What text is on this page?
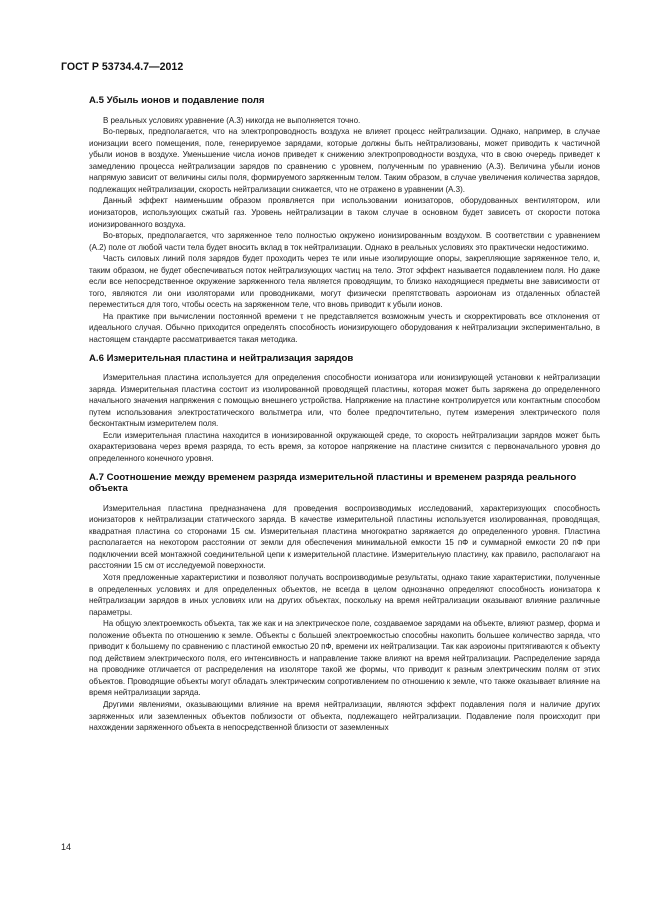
ГОСТ Р 53734.4.7—2012
А.5 Убыль ионов и подавление поля

В реальных условиях уравнение (А.3) никогда не выполняется точно.

Во-первых, предполагается, что на электропроводность воздуха не влияет процесс нейтрализации. Однако, например, в случае ионизации всего помещения, поле, генерируемое зарядами, которые должны быть нейтрализованы, может приводить к частичной убыли ионов в воздухе. Уменьшение числа ионов приведет к снижению электропроводности воздуха, что в свою очередь приведет к замедлению процесса нейтрализации зарядов по сравнению с уровнем, полученным по уравнению (А.3). Величина убыли ионов напрямую зависит от величины силы поля, формируемого заряженным телом. Таким образом, в случае увеличения количества зарядов, подлежащих нейтрализации, скорость нейтрализации снижается, что не отражено в уравнении (А.3).

Данный эффект наименьшим образом проявляется при использовании ионизаторов, оборудованных вентилятором, или ионизаторов, использующих сжатый газ. Уровень нейтрализации в таком случае в основном будет зависеть от скорости потока ионизированного воздуха.

Во-вторых, предполагается, что заряженное тело полностью окружено ионизированным воздухом. В соответствии с уравнением (А.2) поле от любой части тела будет вносить вклад в ток нейтрализации. Однако в реальных условиях это практически недостижимо.

Часть силовых линий поля зарядов будет проходить через те или иные изолирующие опоры, закрепляющие заряженное тело, и, таким образом, не будет обеспечиваться поток нейтрализующих частиц на тело. Этот эффект называется подавлением поля. Но даже если все непосредственное окружение заряженного тела является проводящим, то близко находящиеся предметы вне зависимости от того, являются ли они изоляторами или проводниками, могут физически препятствовать аэроионам из отдаленных областей переместиться для того, чтобы осесть на заряженном теле, что вновь приводит к убыли ионов.

На практике при вычислении постоянной времени τ не представляется возможным учесть и скорректировать все отклонения от идеального случая. Обычно приходится определять способность ионизирующего оборудования к нейтрализации экспериментально, в настоящем стандарте рассматривается такая методика.

А.6 Измерительная пластина и нейтрализация зарядов

Измерительная пластина используется для определения способности ионизатора или ионизирующей установки к нейтрализации заряда. Измерительная пластина состоит из изолированной проводящей пластины, которая может быть заряжена до определенного начального значения напряжения с помощью внешнего устройства. Напряжение на пластине контролируется или контактным способом путем использования электростатического вольтметра или, что более предпочтительно, путем измерения электрического поля бесконтактным измерителем поля.

Если измерительная пластина находится в ионизированной окружающей среде, то скорость нейтрализации зарядов может быть охарактеризована через время разряда, то есть время, за которое напряжение на пластине снизится с первоначального уровня до определенного конечного уровня.

А.7 Соотношение между временем разряда измерительной пластины и временем разряда реального объекта

Измерительная пластина предназначена для проведения воспроизводимых исследований, характеризующих способность ионизаторов к нейтрализации статического заряда. В качестве измерительной пластины используется изолированная, проводящая, квадратная пластина со сторонами 15 см. Измерительная пластина многократно заряжается до определенного уровня. Пластина располагается на некотором расстоянии от земли для обеспечения минимальной емкости 15 пФ и суммарной емкости 20 пФ при подключении всей монтажной соединительной цепи к измерительной пластине. Измерительную пластину, как правило, располагают на расстоянии 15 см от исследуемой поверхности.

Хотя предложенные характеристики и позволяют получать воспроизводимые результаты, однако такие характеристики, полученные в определенных условиях и для определенных объектов, не всегда в целом однозначно определяют способность ионизатора к нейтрализации зарядов в иных условиях или на других объектах, поскольку на время нейтрализации оказывают влияние различные параметры.

На общую электроемкость объекта, так же как и на электрическое поле, создаваемое зарядами на объекте, влияют размер, форма и положение объекта по отношению к земле. Объекты с большей электроемкостью способны накопить большее количество заряда, что приводит к большему по сравнению с пластиной емкостью 20 пФ, времени их нейтрализации. Так как аэроионы притягиваются к объекту под действием электрического поля, его интенсивность и направление также влияют на время нейтрализации. Распределение заряда на проводнике отличается от распределения на изоляторе такой же формы, что приводит к разным электрическим полям от этих объектов. Проводящие объекты могут обладать электрическим сопротивлением по отношению к земле, что также оказывает влияние на время нейтрализации заряда.

Другими явлениями, оказывающими влияние на время нейтрализации, являются эффект подавления поля и наличие других заряженных или заземленных объектов поблизости от объекта, подлежащего нейтрализации. Подавление поля происходит при нахождении заряженного объекта в непосредственной близости от заземленных

14
